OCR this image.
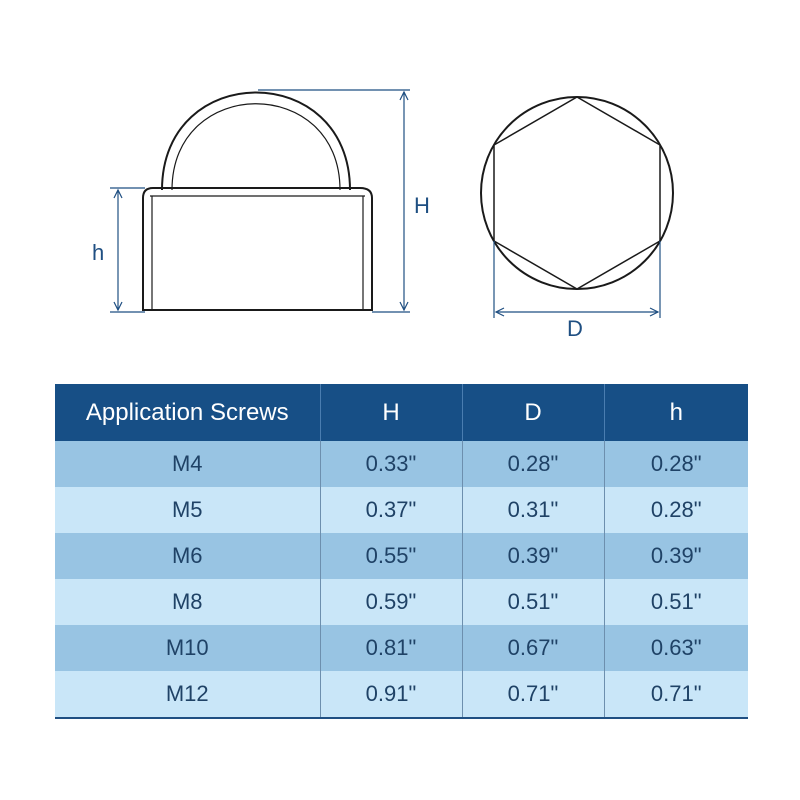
h
H
D
Application Screws	H	D	h
M4	0.33"	0.28"	0.28"
M5	0.37"	0.31"	0.28"
M6	0.55"	0.39"	0.39"
M8	0.59"	0.51"	0.51"
M10	0.81"	0.67"	0.63"
M12	0.91"	0.71"	0.71"
